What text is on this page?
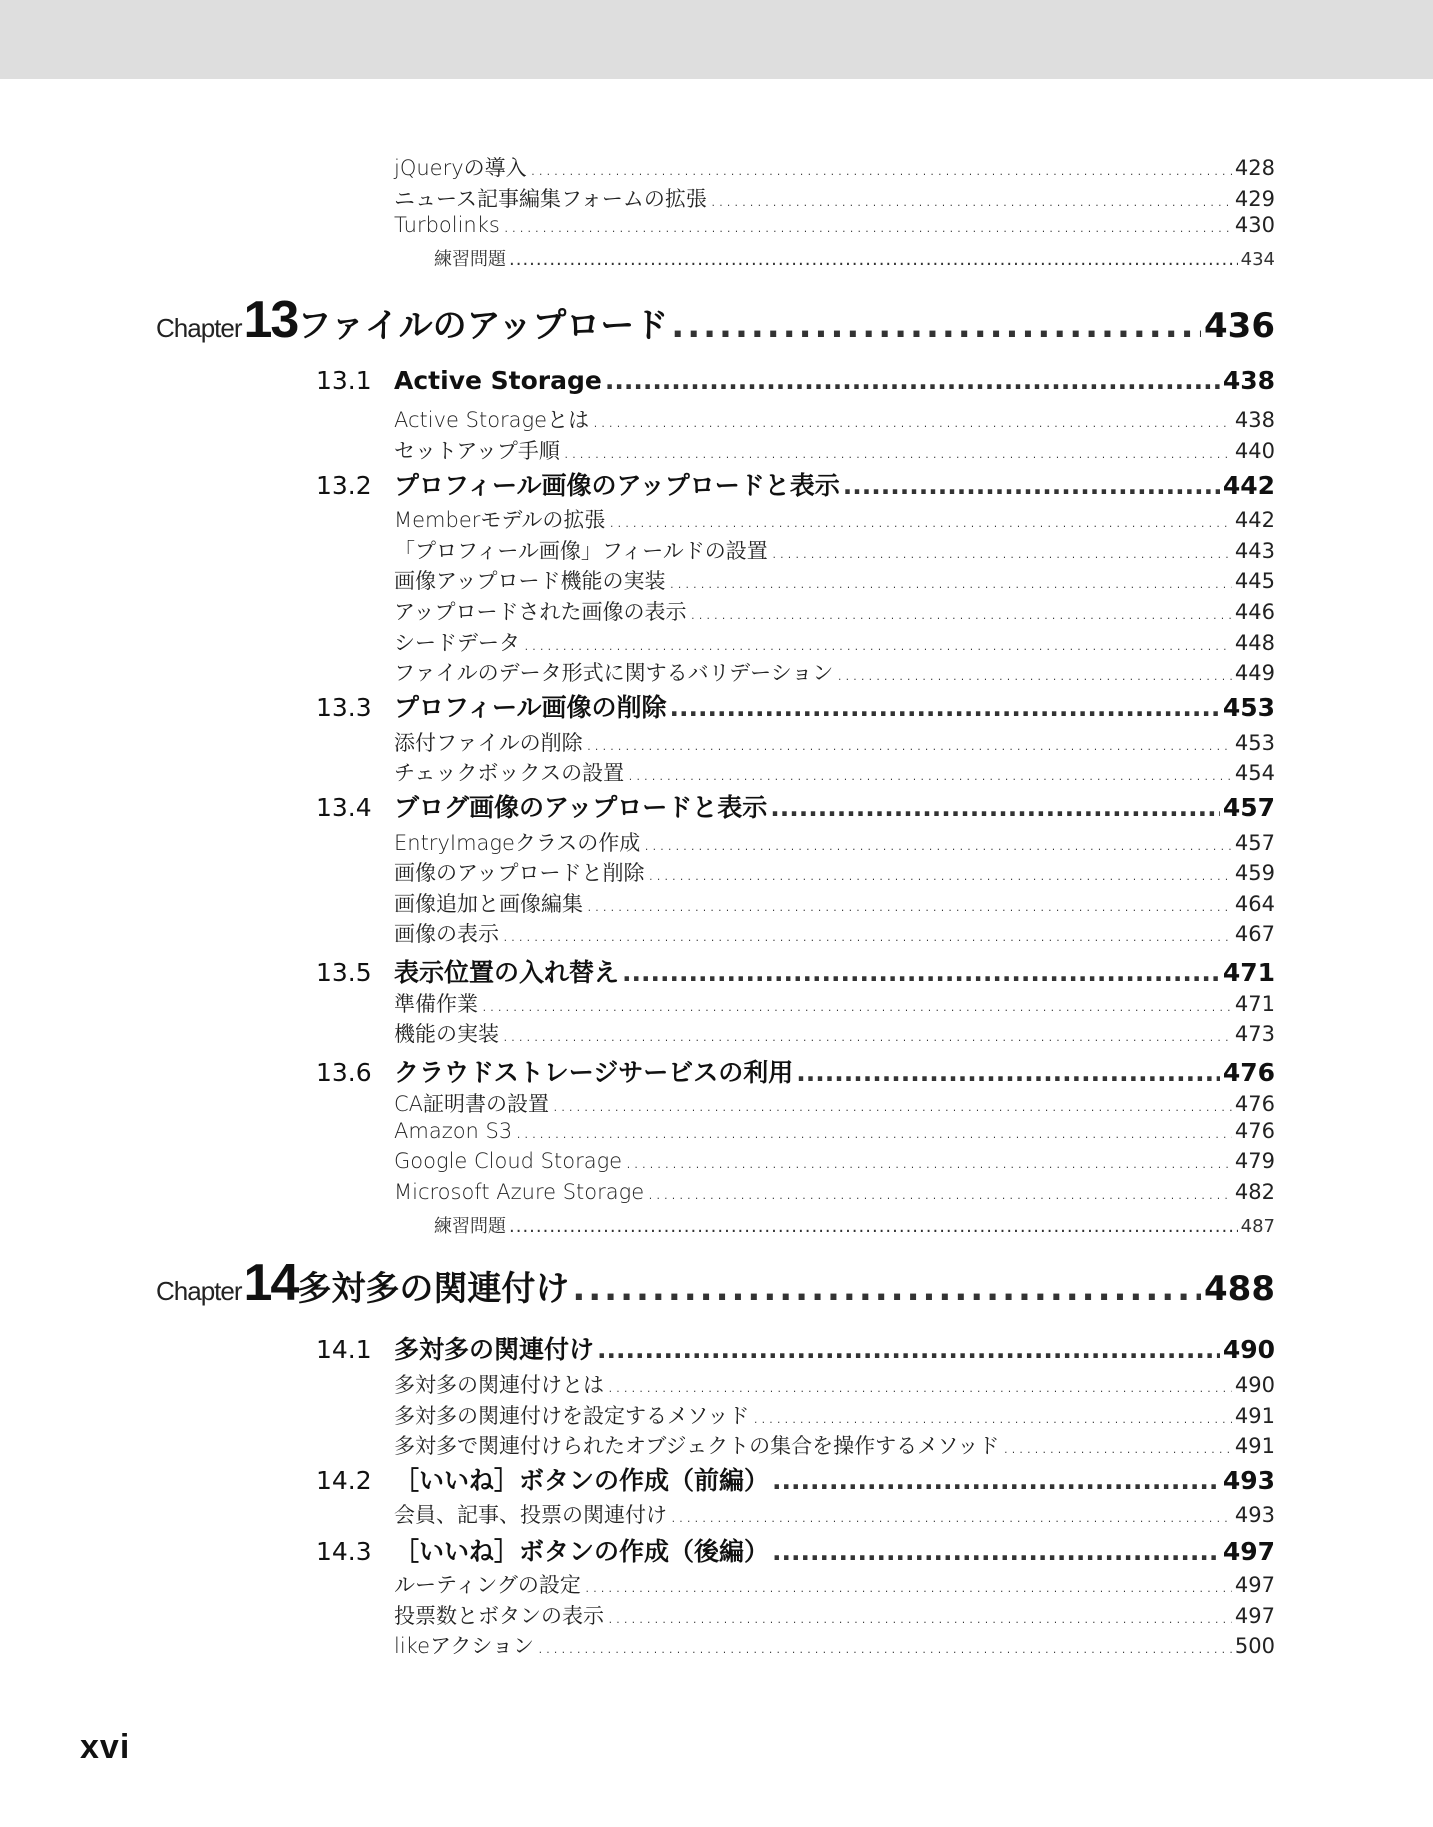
jQueryの導入 .....	428
ニュース記事編集フォームの拡張 .....	429
Turbolinks .....	430
練習問題 .....	434
Chapter 13 ファイルのアップロード .....	436
13.1 Active Storage .....	438
Active Storageとは .....	438
セットアップ手順 .....	440
13.2 プロフィール画像のアップロードと表示 .....	442
Memberモデルの拡張 .....	442
「プロフィール画像」フィールドの設置 .....	443
画像アップロード機能の実装 .....	445
アップロードされた画像の表示 .....	446
シードデータ .....	448
ファイルのデータ形式に関するバリデーション .....	449
13.3 プロフィール画像の削除 .....	453
添付ファイルの削除 .....	453
チェックボックスの設置 .....	454
13.4 ブログ画像のアップロードと表示 .....	457
EntryImageクラスの作成 .....	457
画像のアップロードと削除 .....	459
画像追加と画像編集 .....	464
画像の表示 .....	467
13.5 表示位置の入れ替え .....	471
準備作業 .....	471
機能の実装 .....	473
13.6 クラウドストレージサービスの利用 .....	476
CA証明書の設置 .....	476
Amazon S3 .....	476
Google Cloud Storage .....	479
Microsoft Azure Storage .....	482
練習問題 .....	487
Chapter 14 多対多の関連付け .....	488
14.1 多対多の関連付け .....	490
多対多の関連付けとは .....	490
多対多の関連付けを設定するメソッド .....	491
多対多で関連付けられたオブジェクトの集合を操作するメソッド .....	491
14.2 ［いいね］ボタンの作成（前編） .....	493
会員、記事、投票の関連付け .....	493
14.3 ［いいね］ボタンの作成（後編） .....	497
ルーティングの設定 .....	497
投票数とボタンの表示 .....	497
likeアクション .....	500
xvi
